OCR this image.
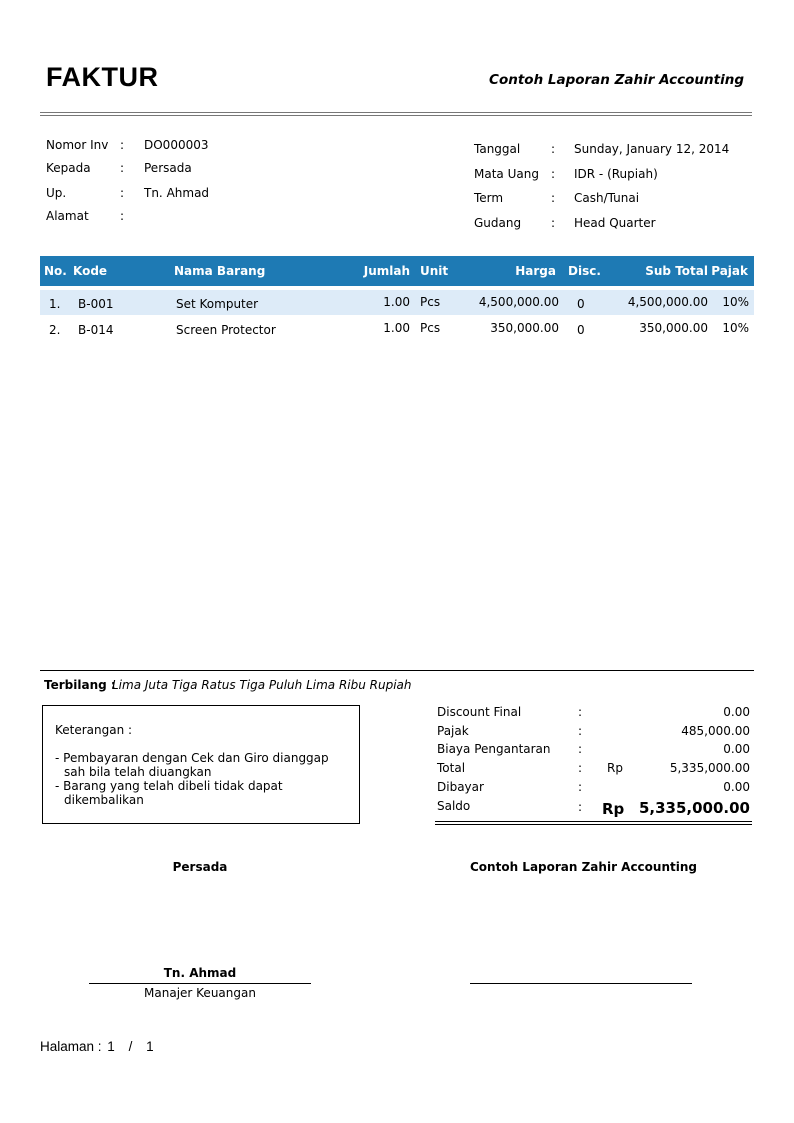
FAKTUR	Contoh Laporan Zahir Accounting
Nomor Inv : DO000003
Kepada : Persada
Up.	: Tn. Ahmad
Alamat	:
Tanggal	: Sunday, January 12, 2014
Mata Uang : IDR - (Rupiah)
Term	: Cash/Tunai
Gudang : Head Quarter
No. Kode	Nama Barang	Jumlah Unit	Harga Disc.	Sub Total Pajak
1. B-001	Set Komputer	1.00 Pcs	4,500,000.00 0	4,500,000.00 10%
2. B-014	Screen Protector	1.00 Pcs	350,000.00 0	350,000.00 10%
Terbilang :
Lima Juta Tiga Ratus Tiga Puluh Lima Ribu Rupiah
Keterangan :
- Pembayaran dengan Cek dan Giro dianggap
sah bila telah diuangkan
- Barang yang telah dibeli tidak dapat
dikembalikan
Discount Final	:	0.00
Pajak	:	485,000.00
Biaya Pengantaran :	0.00
Total	: Rp	5,335,000.00
Dibayar	:	0.00
Saldo	: Rp 5,335,000.00
Persada	Contoh Laporan Zahir Accounting
Tn. Ahmad
Manajer Keuangan
Halaman : 1 / 1
